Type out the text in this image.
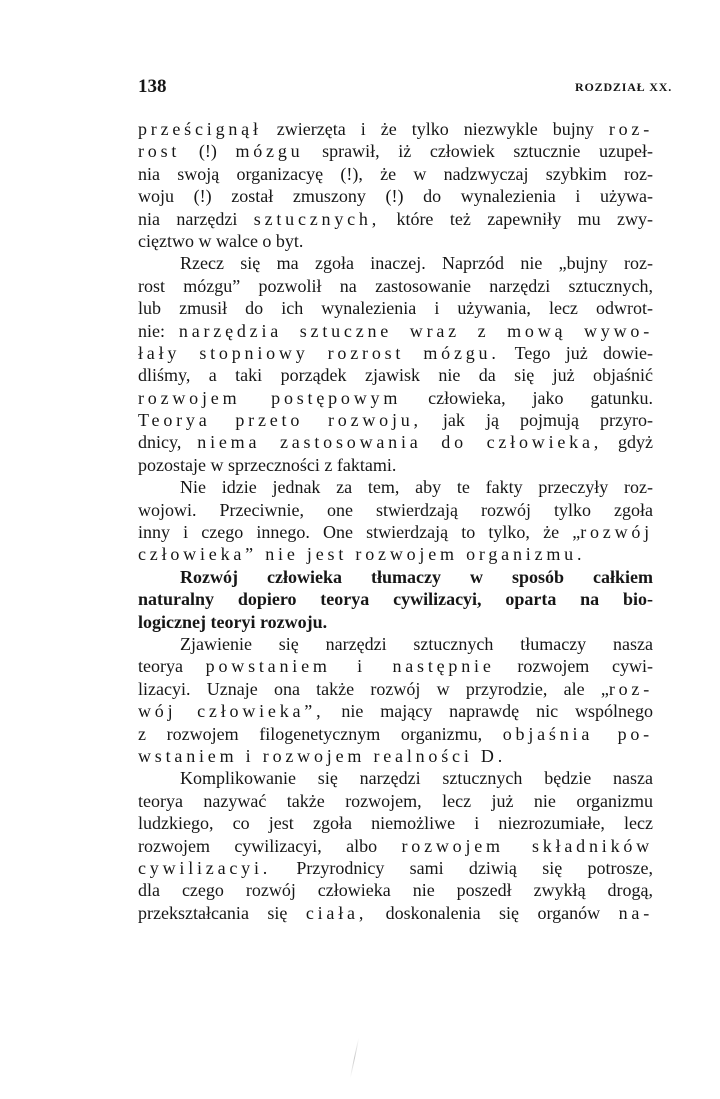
138	ROZDZIAŁ XX.
prześcignął zwierzęta i że tylko niezwykle bujny roz‑
rost (!) mózgu sprawił, iż człowiek sztucznie uzupeł‑
nia swoją organizacyę (!), że w nadzwyczaj szybkim roz‑
woju (!) został zmuszony (!) do wynalezienia i używa‑
nia narzędzi sztucznych, które też zapewniły mu zwy‑
cięztwo w walce o byt.
Rzecz się ma zgoła inaczej. Naprzód nie „bujny roz‑
rost mózgu” pozwolił na zastosowanie narzędzi sztucznych,
lub zmusił do ich wynalezienia i używania, lecz odwrot‑
nie: narzędzia sztuczne wraz z mową wywo‑
łały stopniowy rozrost mózgu. Tego już dowie‑
dliśmy, a taki porządek zjawisk nie da się już objaśnić
rozwojem postępowym człowieka, jako gatunku.
Teorya przeto rozwoju, jak ją pojmują przyro‑
dnicy, niema zastosowania do człowieka, gdyż
pozostaje w sprzeczności z faktami.
Nie idzie jednak za tem, aby te fakty przeczyły roz‑
wojowi. Przeciwnie, one stwierdzają rozwój tylko zgoła
inny i czego innego. One stwierdzają to tylko, że „rozwój
człowieka” nie jest rozwojem organizmu.
Rozwój człowieka tłumaczy w sposób całkiem
naturalny dopiero teorya cywilizacyi, oparta na bio‑
logicznej teoryi rozwoju.
Zjawienie się narzędzi sztucznych tłumaczy nasza
teorya powstaniem i następnie rozwojem cywi‑
lizacyi. Uznaje ona także rozwój w przyrodzie, ale „roz‑
wój człowieka”, nie mający naprawdę nic wspólnego
z rozwojem filogenetycznym organizmu, objaśnia po‑
wstaniem i rozwojem realności D.
Komplikowanie się narzędzi sztucznych będzie nasza
teorya nazywać także rozwojem, lecz już nie organizmu
ludzkiego, co jest zgoła niemożliwe i niezrozumiałe, lecz
rozwojem cywilizacyi, albo rozwojem składników
cywilizacyi. Przyrodnicy sami dziwią się potrosze,
dla czego rozwój człowieka nie poszedł zwykłą drogą,
przekształcania się ciała, doskonalenia się organów na‑
